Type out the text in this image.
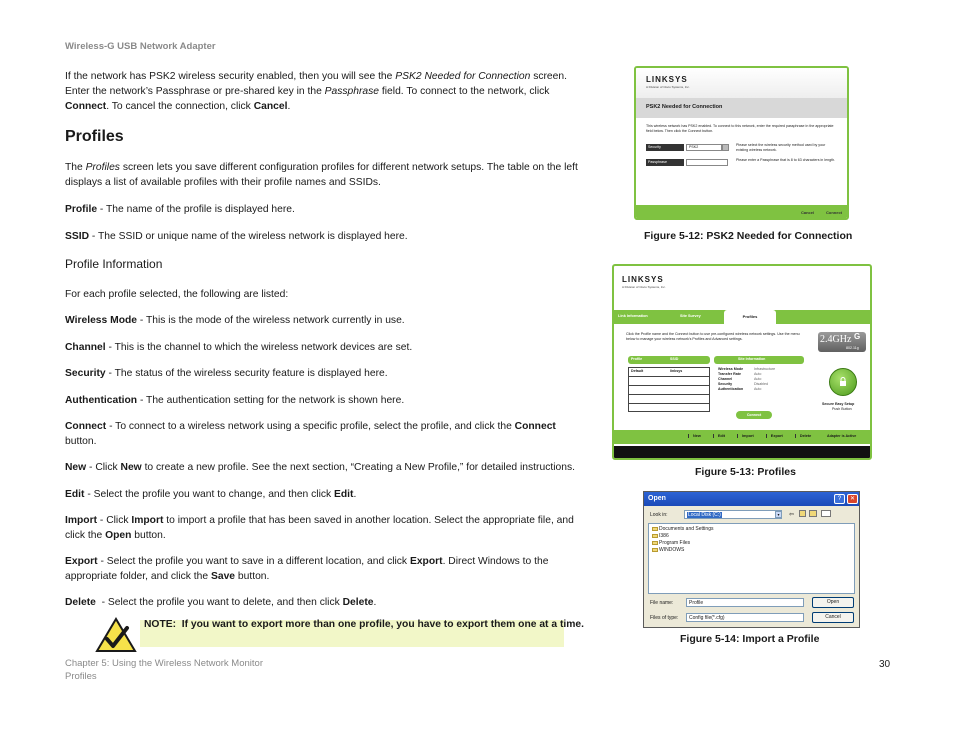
Wireless-G USB Network Adapter
If the network has PSK2 wireless security enabled, then you will see the PSK2 Needed for Connection screen. Enter the network’s Passphrase or pre-shared key in the Passphrase field. To connect to the network, click Connect. To cancel the connection, click Cancel.
Profiles
The Profiles screen lets you save different configuration profiles for different network setups. The table on the left displays a list of available profiles with their profile names and SSIDs.
Profile - The name of the profile is displayed here.
SSID - The SSID or unique name of the wireless network is displayed here.
Profile Information
For each profile selected, the following are listed:
Wireless Mode - This is the mode of the wireless network currently in use.
Channel - This is the channel to which the wireless network devices are set.
Security - The status of the wireless security feature is displayed here.
Authentication - The authentication setting for the network is shown here.
Connect - To connect to a wireless network using a specific profile, select the profile, and click the Connect button.
New - Click New to create a new profile. See the next section, “Creating a New Profile,” for detailed instructions.
Edit - Select the profile you want to change, and then click Edit.
Import - Click Import to import a profile that has been saved in another location. Select the appropriate file, and click the Open button.
Export - Select the profile you want to save in a different location, and click Export. Direct Windows to the appropriate folder, and click the Save button.
Delete  - Select the profile you want to delete, and then click Delete.
NOTE:  If you want to export more than one profile, you have to export them one at a time.
Chapter 5: Using the Wireless Network Monitor
Profiles
30
LINKSYS
A Division of Cisco Systems, Inc.
PSK2 Needed for Connection
This wireless network has PSK2 enabled. To connect to this network, enter the required passphrase in the appropriate field below. Then click the Connect button.
Security	PSK2	Please select the wireless security method used by your existing wireless network.
Passphrase	Please enter a Passphrase that is 8 to 63 characters in length.
Cancel	Connect
Figure 5-12: PSK2 Needed for Connection
LINKSYS
A Division of Cisco Systems, Inc.
Link Information	Site Survey	Profiles
Click the Profile name and the Connect button to use pre-configured wireless network settings. Use the menu below to manage your wireless network's Profiles and Advanced settings.
Profile	SSID	Site Information
Default	linksys	Wireless Mode	Infrastructure
Transfer Rate	Auto
Channel	Auto
Security	Disabled
Authentication	Auto
Connect
2.4GHz G
802.11g
Secure Easy Setup
Push Button
New	Edit	Import	Export	Delete	Adapter is Active
Figure 5-13: Profiles
Open	?	✕
Look in:	Local Disk (C:)	▾	⇦
Documents and Settings
I386
Program Files
WINDOWS
File name:	Profile	Open
Files of type:	Config file(*.cfg)	Cancel
Figure 5-14: Import a Profile
